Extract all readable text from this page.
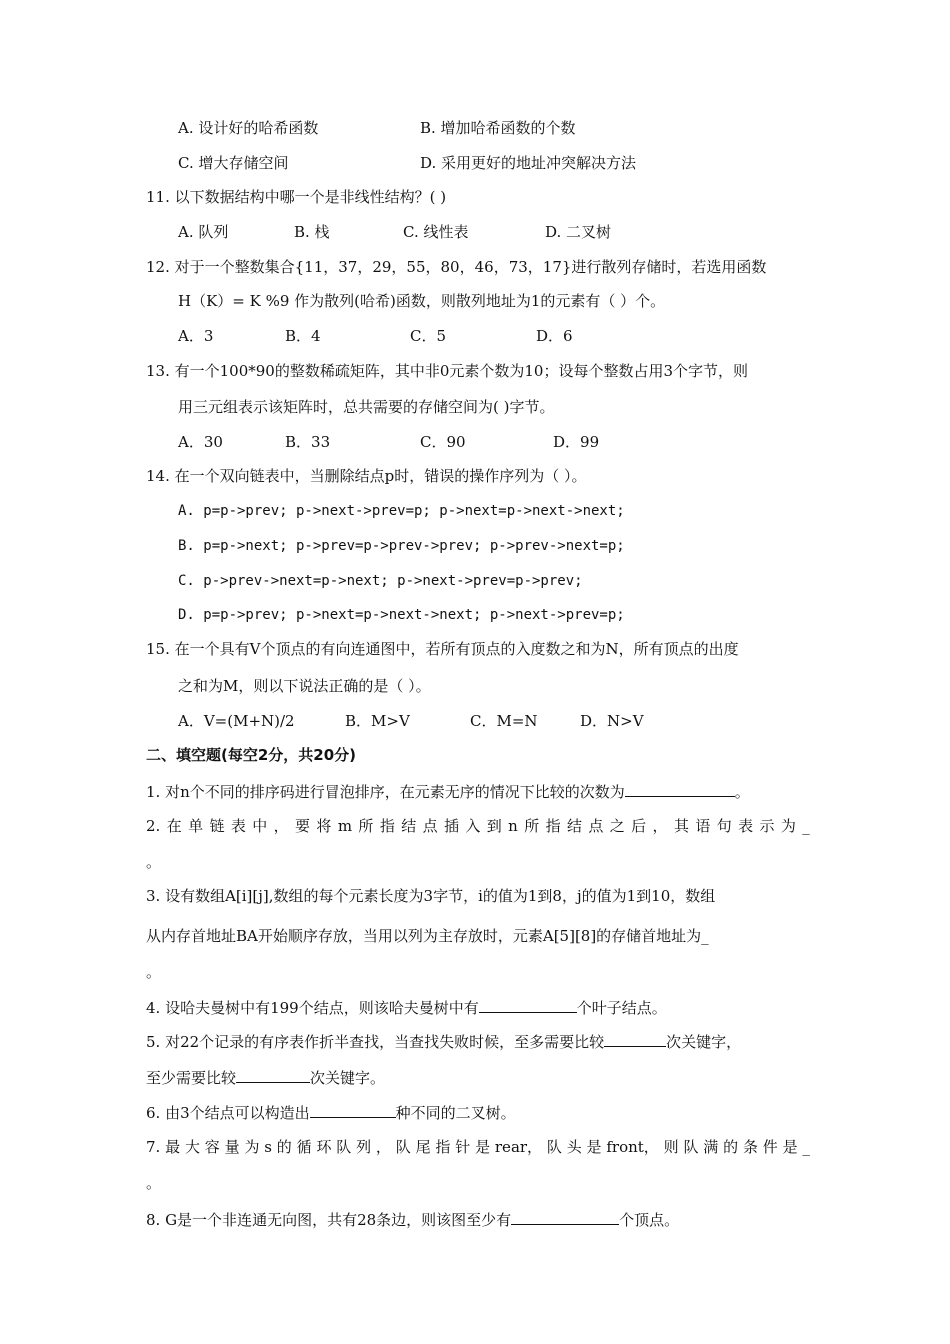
A. 设计好的哈希函数	B. 增加哈希函数的个数
C. 增大存储空间	D. 采用更好的地址冲突解决方法
11. 以下数据结构中哪一个是非线性结构？( )
A. 队列	B. 栈	C. 线性表	D. 二叉树
12. 对于一个整数集合{11，37，29，55，80，46，73，17}进行散列存储时，若选用函数
H（K）= K %9 作为散列(哈希)函数，则散列地址为1的元素有（ ）个。
A．3	B．4	C．5	D．6
13. 有一个100*90的整数稀疏矩阵，其中非0元素个数为10；设每个整数占用3个字节，则
用三元组表示该矩阵时，总共需要的存储空间为( )字节。
A．30	B．33	C．90	D．99
14. 在一个双向链表中，当删除结点p时，错误的操作序列为（ ）。
A. p=p->prev; p->next->prev=p; p->next=p->next->next;
B. p=p->next; p->prev=p->prev->prev; p->prev->next=p;
C. p->prev->next=p->next; p->next->prev=p->prev;
D. p=p->prev; p->next=p->next->next; p->next->prev=p;
15. 在一个具有V个顶点的有向连通图中，若所有顶点的入度数之和为N，所有顶点的出度
之和为M，则以下说法正确的是（ ）。
A．V=(M+N)/2	B．M>V	C．M=N	D．N>V
二、填空题(每空2分，共20分)
1. 对n个不同的排序码进行冒泡排序，在元素无序的情况下比较的次数为	。
2. 在 单 链 表 中 ， 要 将 m 所 指 结 点 插 入 到 n 所 指 结 点 之 后 ， 其 语 句 表 示 为 _
。
3. 设有数组A[i][j],数组的每个元素长度为3字节，i的值为1到8，j的值为1到10，数组
从内存首地址BA开始顺序存放，当用以列为主存放时，元素A[5][8]的存储首地址为_
。
4. 设哈夫曼树中有199个结点，则该哈夫曼树中有	个叶子结点。
5. 对22个记录的有序表作折半查找，当查找失败时候，至多需要比较	次关键字，
至少需要比较	次关键字。
6. 由3个结点可以构造出	种不同的二叉树。
7. 最 大 容 量 为 s 的 循 环 队 列 ， 队 尾 指 针 是 rear， 队 头 是 front， 则 队 满 的 条 件 是 _
。
8. G是一个非连通无向图，共有28条边，则该图至少有	个顶点。
